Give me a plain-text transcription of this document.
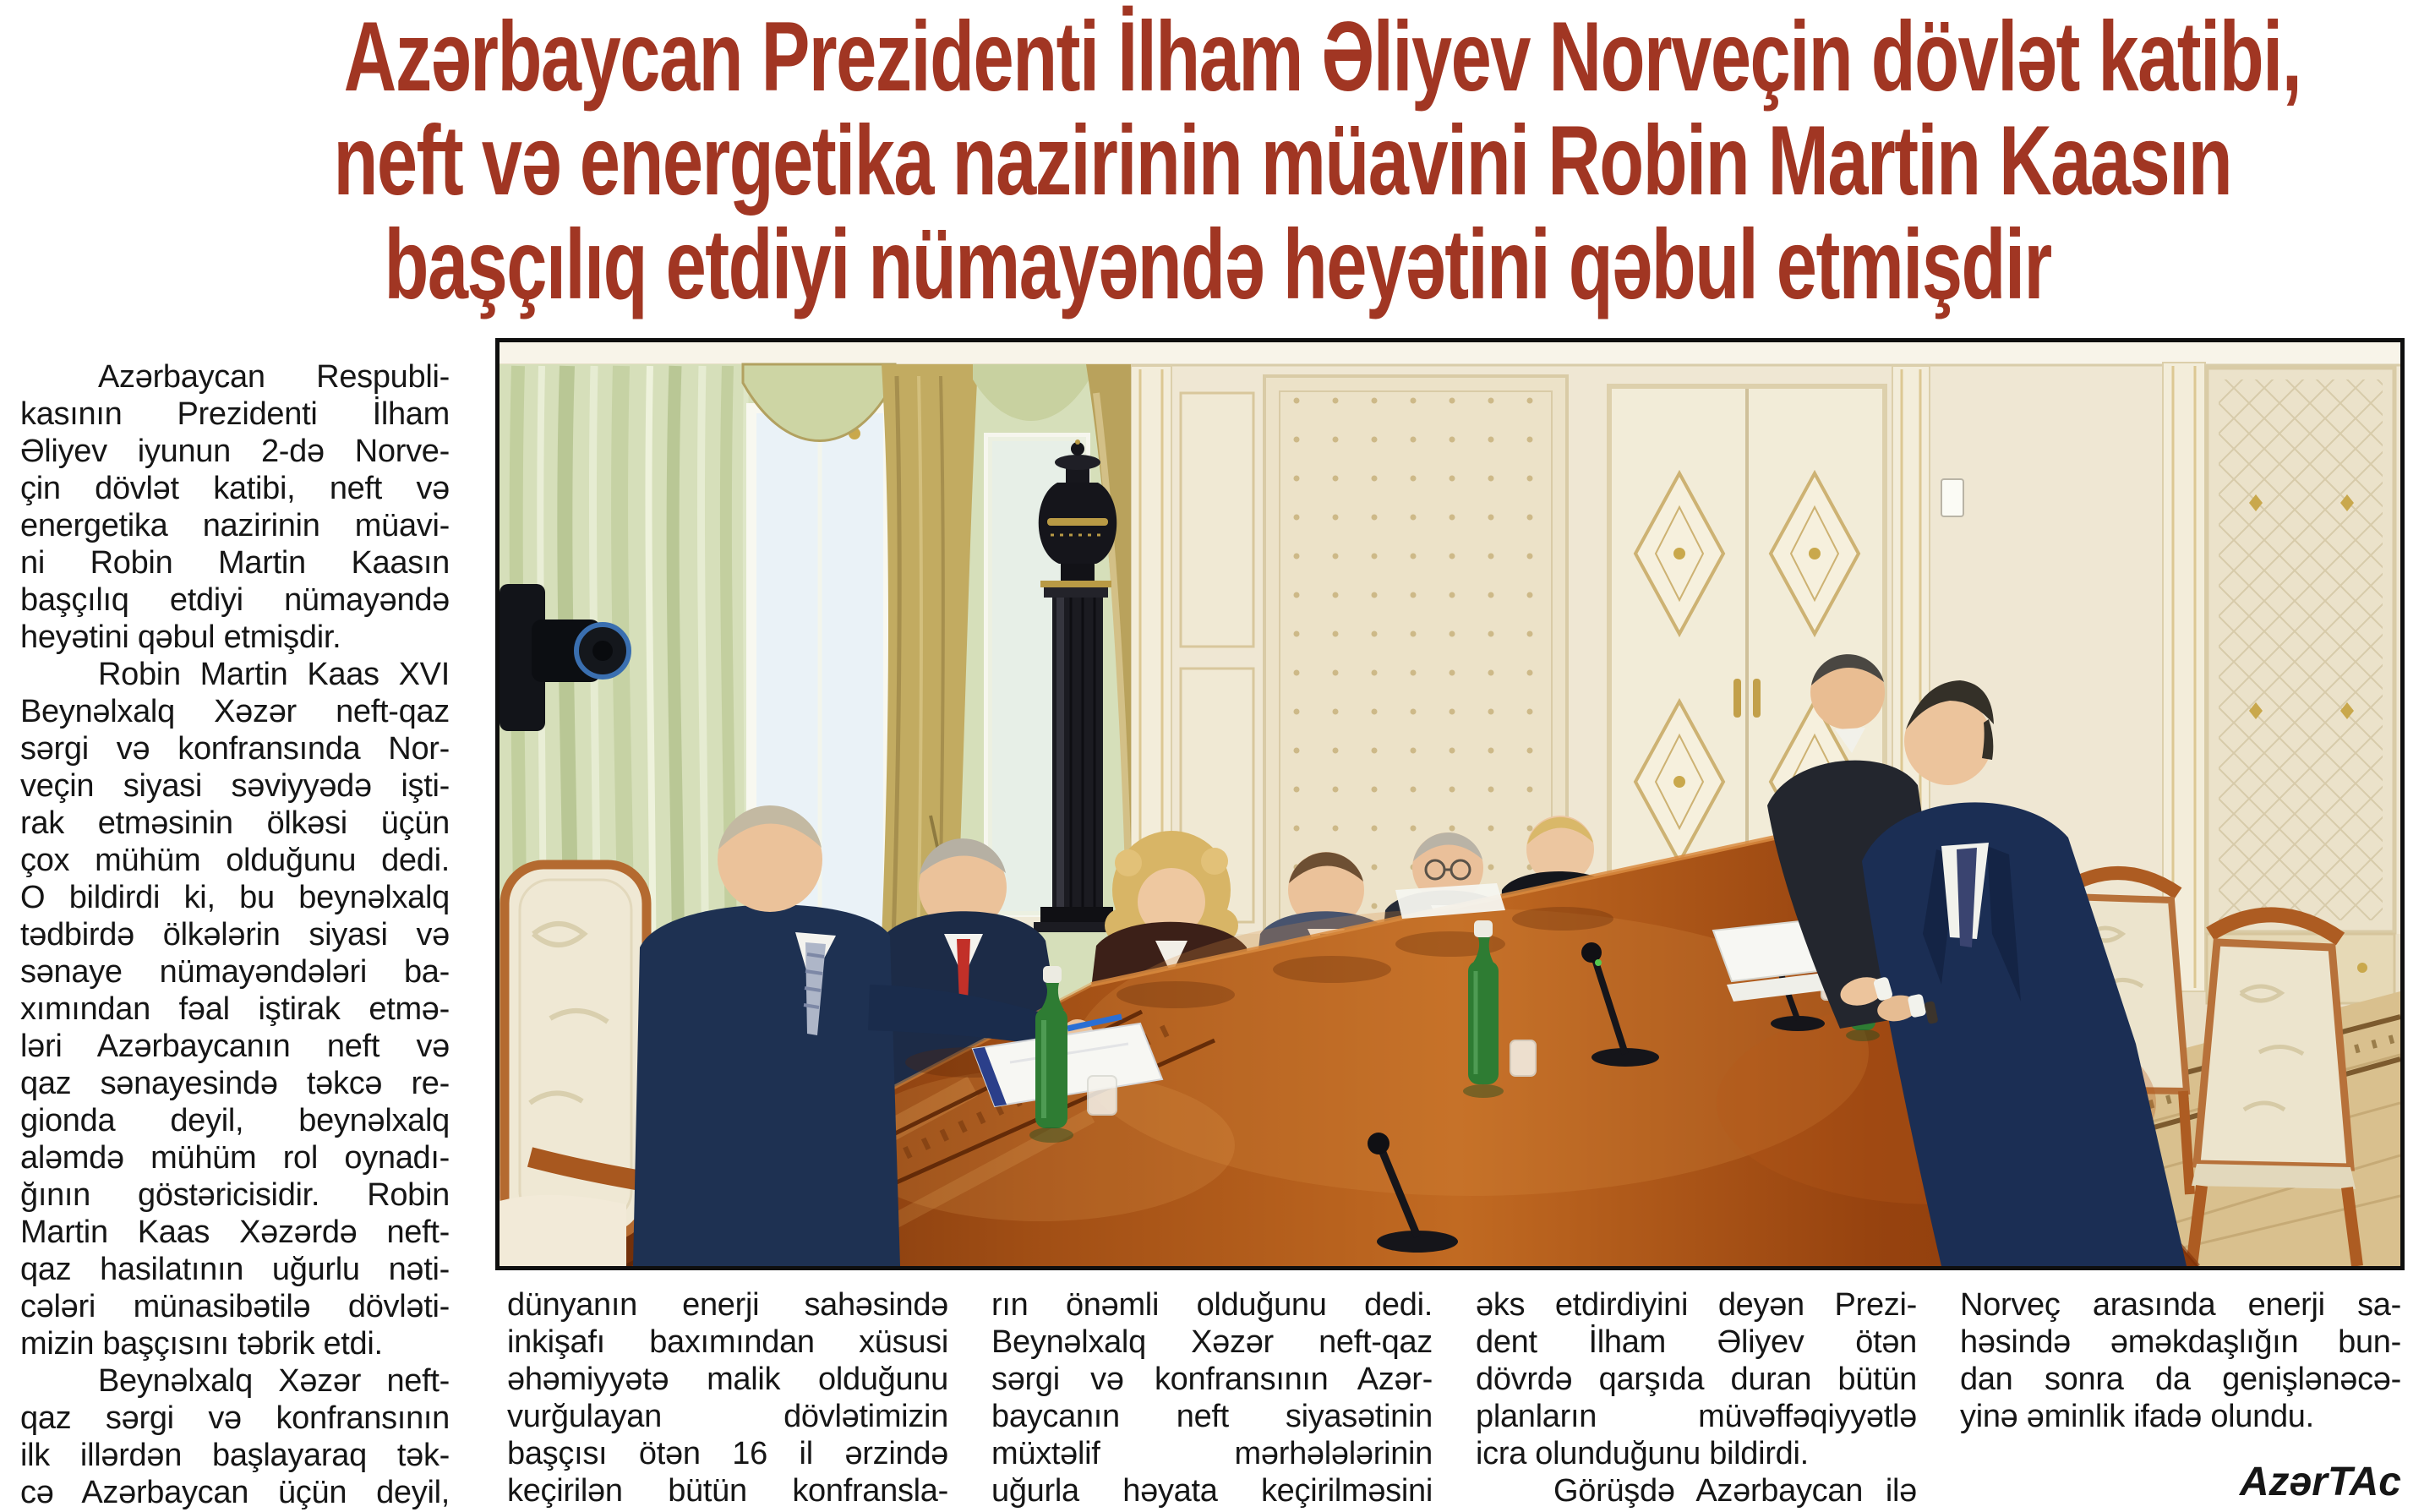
Azərbaycan Prezidenti İlham Əliyev Norveçin dövlət katibi,
neft və energetika nazirinin müavini Robin Martin Kaasın
başçılıq etdiyi nümayəndə heyətini qəbul etmişdir
Azərbaycan Respubli-
kasının Prezidenti İlham
Əliyev iyunun 2-də Norve-
çin dövlət katibi, neft və
energetika nazirinin müavi-
ni Robin Martin Kaasın
başçılıq etdiyi nümayəndə
heyətini qəbul etmişdir.
Robin Martin Kaas XVI
Beynəlxalq Xəzər neft-qaz
sərgi və konfransında Nor-
veçin siyasi səviyyədə işti-
rak etməsinin ölkəsi üçün
çox mühüm olduğunu dedi.
O bildirdi ki, bu beynəlxalq
tədbirdə ölkələrin siyasi və
sənaye nümayəndələri ba-
xımından fəal iştirak etmə-
ləri Azərbaycanın neft və
qaz sənayesində təkcə re-
gionda deyil, beynəlxalq
aləmdə mühüm rol oynadı-
ğının göstəricisidir. Robin
Martin Kaas Xəzərdə neft-
qaz hasilatının uğurlu nəti-
cələri münasibətilə dövləti-
mizin başçısını təbrik etdi.
Beynəlxalq Xəzər neft-
qaz sərgi və konfransının
ilk illərdən başlayaraq tək-
cə Azərbaycan üçün deyil,
dünyanın enerji sahəsində
inkişafı baxımından xüsusi
əhəmiyyətə malik olduğunu
vurğulayan dövlətimizin
başçısı ötən 16 il ərzində
keçirilən bütün konfransla-
rın önəmli olduğunu dedi.
Beynəlxalq Xəzər neft-qaz
sərgi və konfransının Azər-
baycanın neft siyasətinin
müxtəlif mərhələlərinin
uğurla həyata keçirilməsini
əks etdirdiyini deyən Prezi-
dent İlham Əliyev ötən
dövrdə qarşıda duran bütün
planların müvəffəqiyyətlə
icra olunduğunu bildirdi.
Görüşdə Azərbaycan ilə
Norveç arasında enerji sa-
həsində əməkdaşlığın bun-
dan sonra da genişlənəcə-
yinə əminlik ifadə olundu.
AzərTAc
